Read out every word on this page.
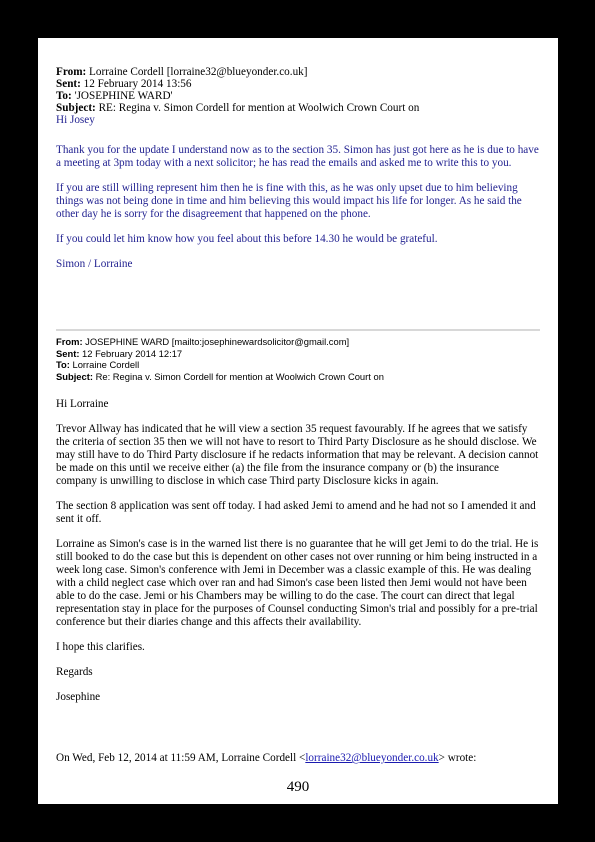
From: Lorraine Cordell [lorraine32@blueyonder.co.uk]
Sent: 12 February 2014 13:56
To: 'JOSEPHINE WARD'
Subject: RE: Regina v. Simon Cordell for mention at Woolwich Crown Court on
Hi Josey

Thank you for the update I understand now as to the section 35. Simon has just got here as he is due to have a meeting at 3pm today with a next solicitor; he has read the emails and asked me to write this to you.

If you are still willing represent him then he is fine with this, as he was only upset due to him believing things was not being done in time and him believing this would impact his life for longer. As he said the other day he is sorry for the disagreement that happened on the phone.

If you could let him know how you feel about this before 14.30 he would be grateful.

Simon / Lorraine

From: JOSEPHINE WARD [mailto:josephinewardsolicitor@gmail.com]
Sent: 12 February 2014 12:17
To: Lorraine Cordell
Subject: Re: Regina v. Simon Cordell for mention at Woolwich Crown Court on

Hi Lorraine

Trevor Allway has indicated that he will view a section 35 request favourably. If he agrees that we satisfy the criteria of section 35 then we will not have to resort to Third Party Disclosure as he should disclose. We may still have to do Third Party disclosure if he redacts information that may be relevant. A decision cannot be made on this until we receive either (a) the file from the insurance company or (b) the insurance company is unwilling to disclose in which case Third party Disclosure kicks in again.

The section 8 application was sent off today. I had asked Jemi to amend and he had not so I amended it and sent it off.

Lorraine as Simon's case is in the warned list there is no guarantee that he will get Jemi to do the trial. He is still booked to do the case but this is dependent on other cases not over running or him being instructed in a week long case. Simon's conference with Jemi in December was a classic example of this. He was dealing with a child neglect case which over ran and had Simon's case been listed then Jemi would not have been able to do the case. Jemi or his Chambers may be willing to do the case. The court can direct that legal representation stay in place for the purposes of Counsel conducting Simon's trial and possibly for a pre-trial conference but their diaries change and this affects their availability.

I hope this clarifies.

Regards

Josephine

On Wed, Feb 12, 2014 at 11:59 AM, Lorraine Cordell <lorraine32@blueyonder.co.uk> wrote:
490
